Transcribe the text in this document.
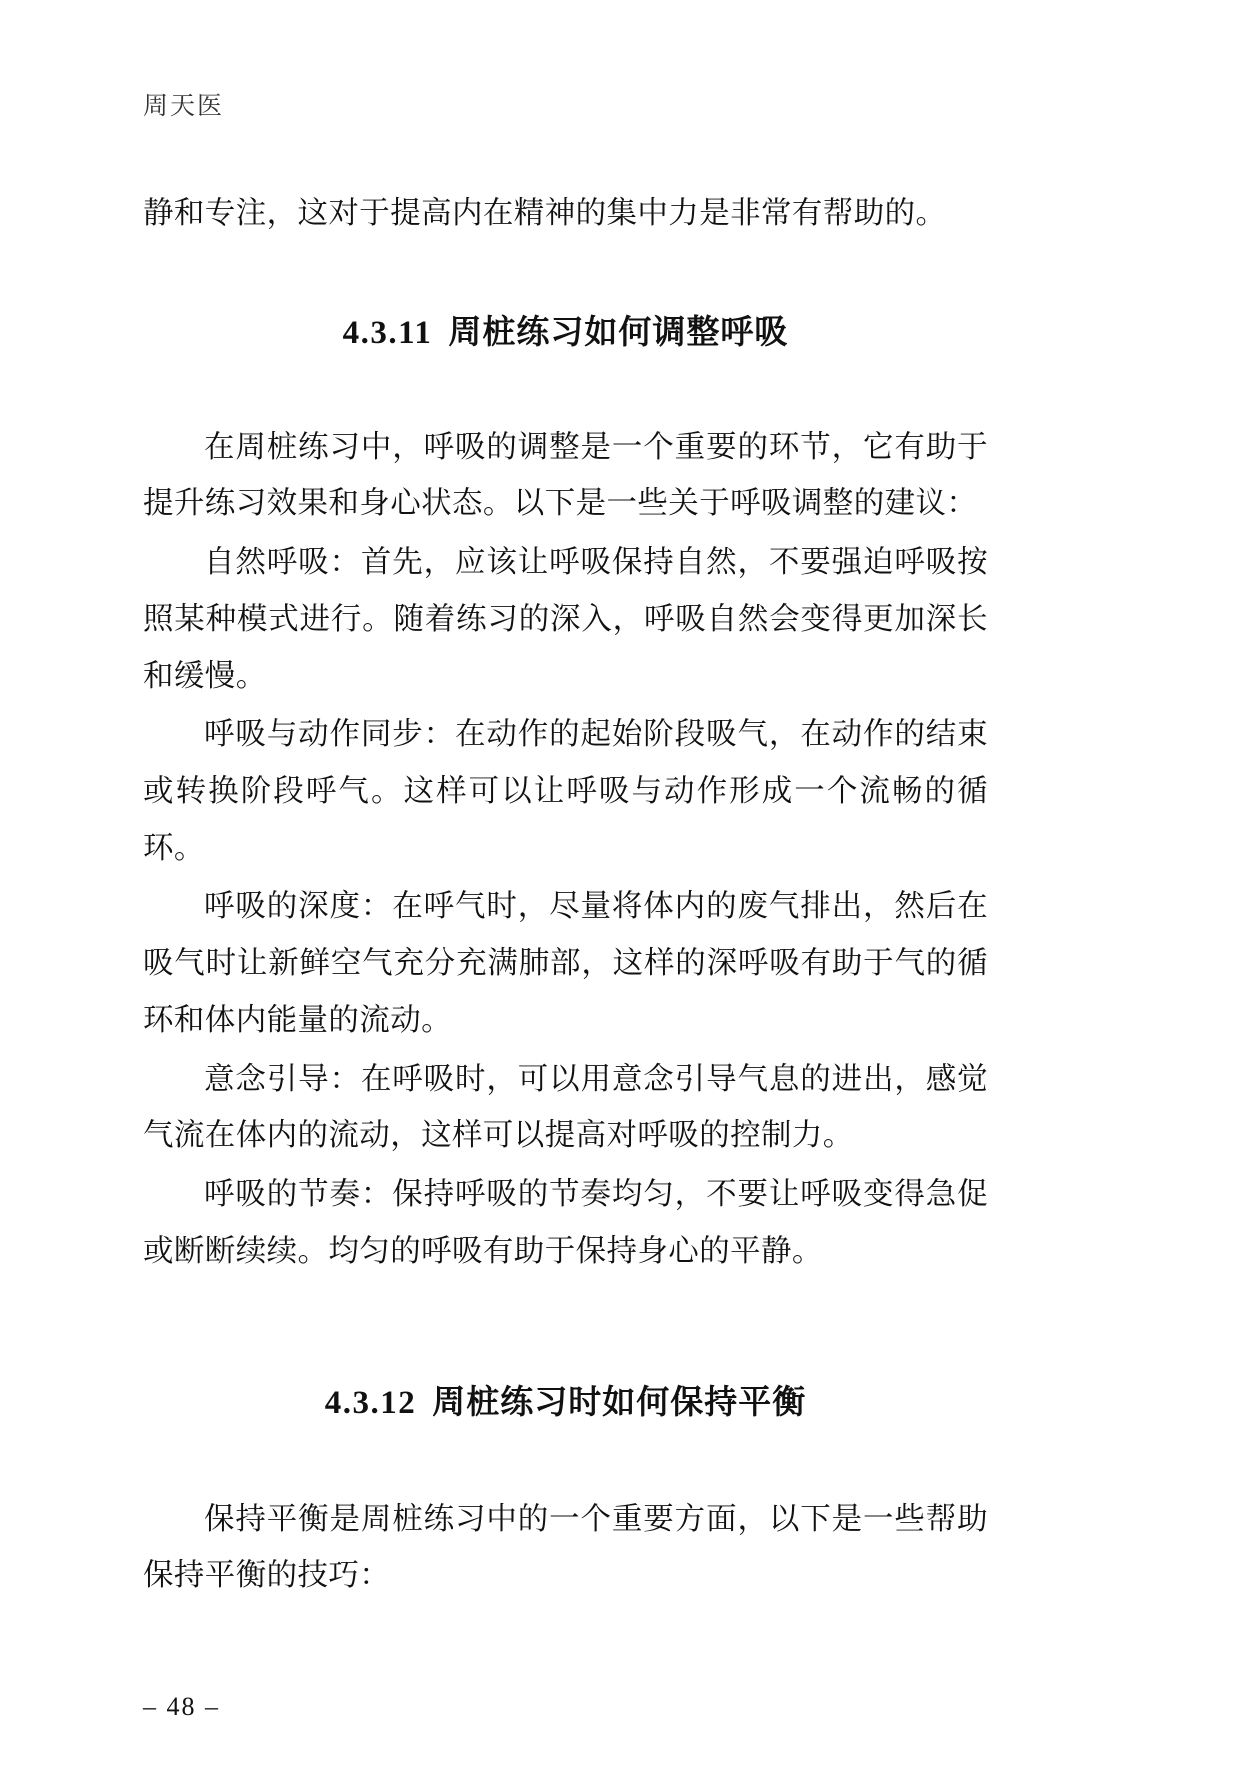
周天医

静和专注，这对于提高内在精神的集中力是非常有帮助的。

4.3.11 周桩练习如何调整呼吸

在周桩练习中，呼吸的调整是一个重要的环节，它有助于提升练习效果和身心状态。以下是一些关于呼吸调整的建议：

自然呼吸：首先，应该让呼吸保持自然，不要强迫呼吸按照某种模式进行。随着练习的深入，呼吸自然会变得更加深长和缓慢。

呼吸与动作同步：在动作的起始阶段吸气，在动作的结束或转换阶段呼气。这样可以让呼吸与动作形成一个流畅的循环。

呼吸的深度：在呼气时，尽量将体内的废气排出，然后在吸气时让新鲜空气充分充满肺部，这样的深呼吸有助于气的循环和体内能量的流动。

意念引导：在呼吸时，可以用意念引导气息的进出，感觉气流在体内的流动，这样可以提高对呼吸的控制力。

呼吸的节奏：保持呼吸的节奏均匀，不要让呼吸变得急促或断断续续。均匀的呼吸有助于保持身心的平静。

4.3.12 周桩练习时如何保持平衡

保持平衡是周桩练习中的一个重要方面，以下是一些帮助保持平衡的技巧：

– 48 –
